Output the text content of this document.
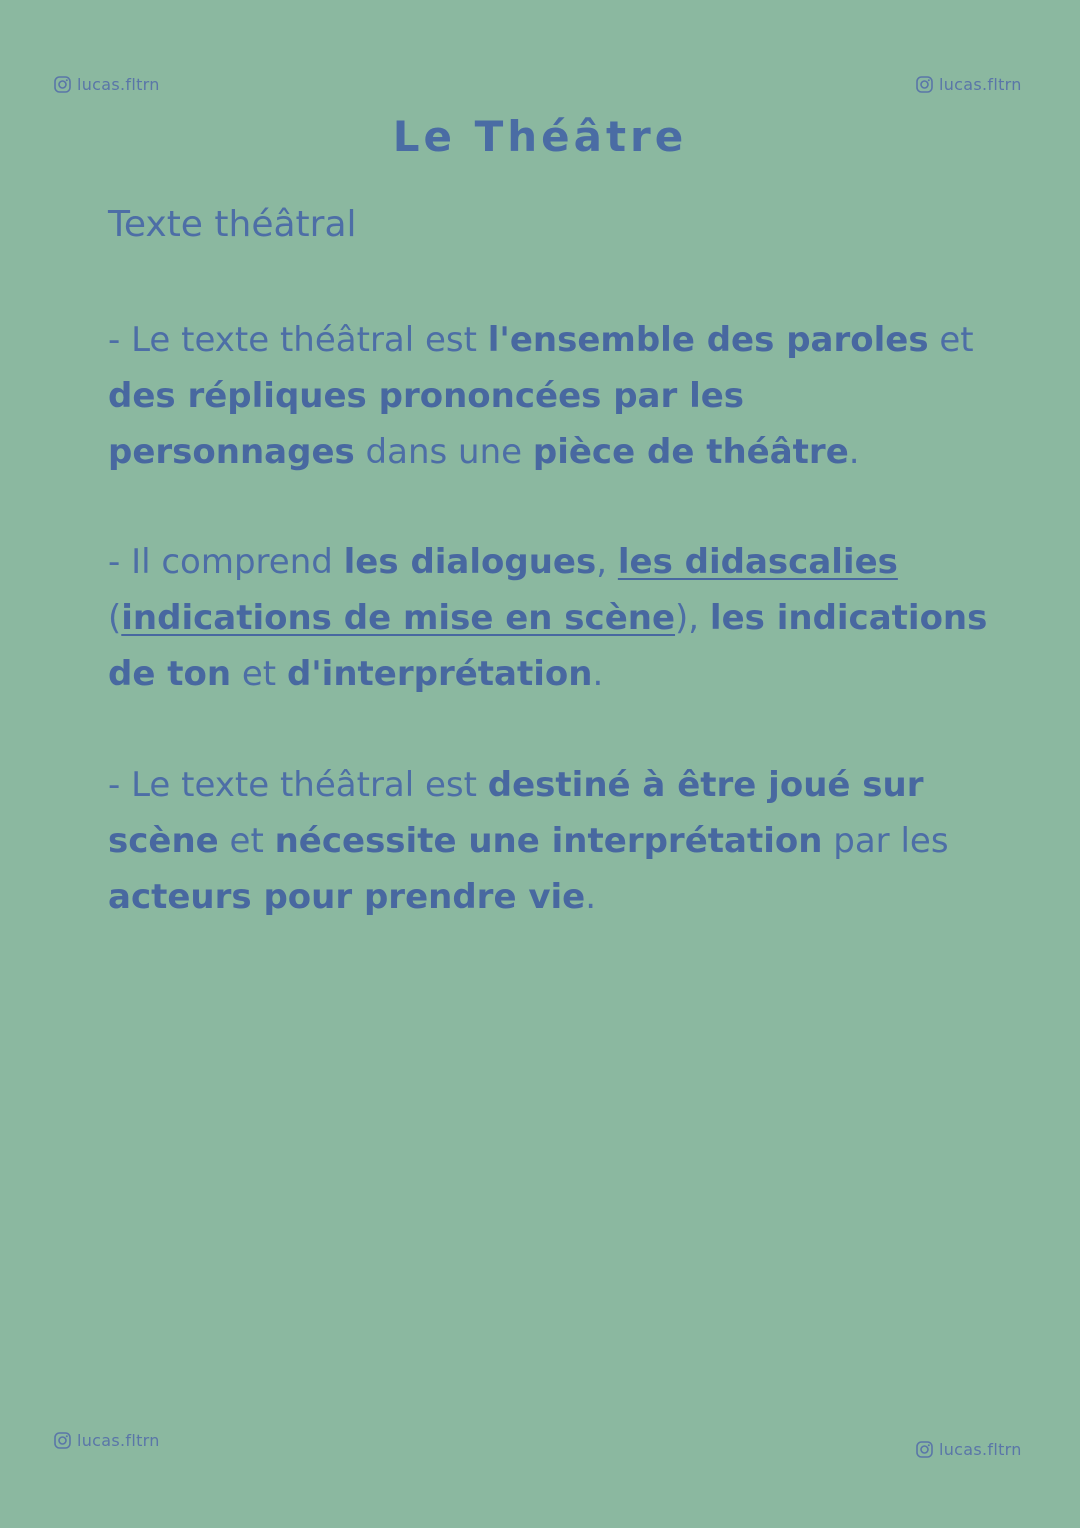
lucas.fltrn	lucas.fltrn
lucas.fltrn	lucas.fltrn
Le Théâtre
Texte théâtral

- Le texte théâtral est l'ensemble des paroles et des répliques prononcées par les personnages dans une pièce de théâtre.

- Il comprend les dialogues, les didascalies (indications de mise en scène), les indications de ton et d'interprétation.

- Le texte théâtral est destiné à être joué sur scène et nécessite une interprétation par les acteurs pour prendre vie.
